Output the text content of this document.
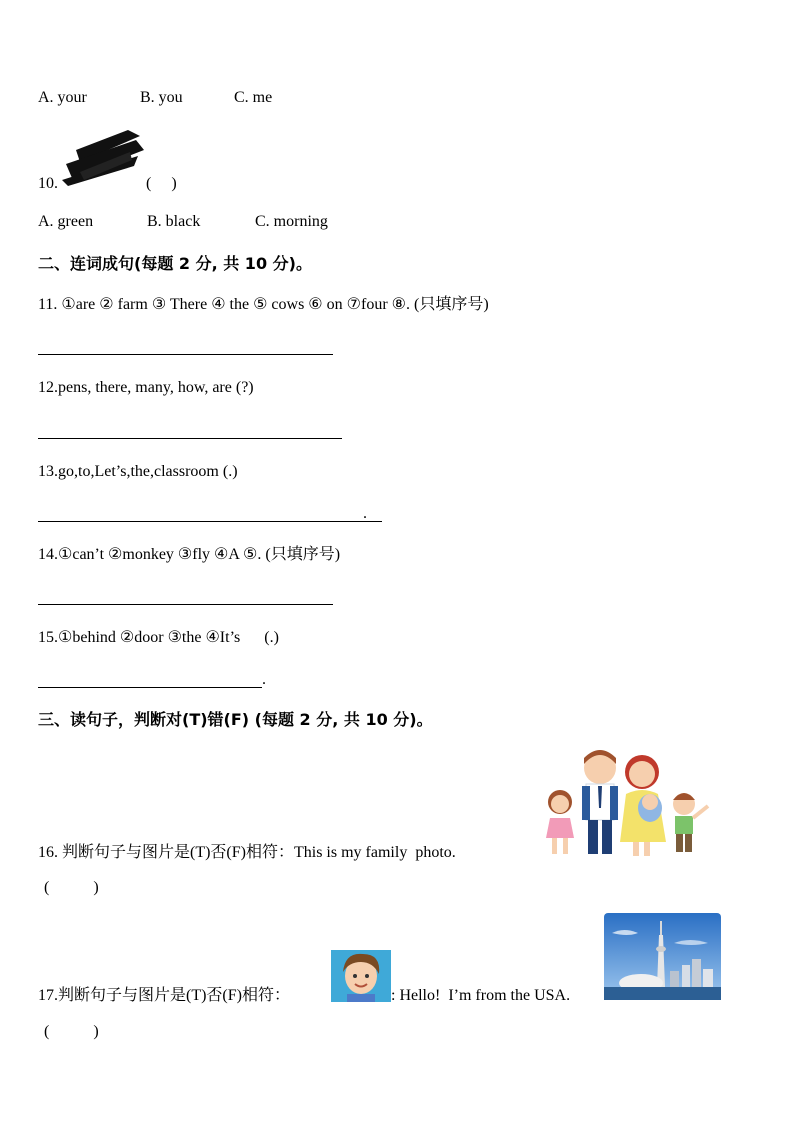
A. your	B. you	C. me
10.	(     )
A. green	B. black	C. morning
二、连词成句(每题 2 分, 共 10 分)。
11. ①are ② farm ③ There ④ the ⑤ cows ⑥ on ⑦four ⑧. (只填序号)
12.pens, there, many, how, are (?)
13.go,to,Let’s,the,classroom (.)
.
14.①can’t ②monkey ③fly ④A ⑤. (只填序号)
15.①behind ②door ③the ④It’s      (.)
.
三、读句子，判断对(T)错(F) (每题 2 分, 共 10 分)。
16. 判断句子与图片是(T)否(F)相符：This is my family  photo.
(           )
17.判断句子与图片是(T)否(F)相符：	: Hello!  I’m from the USA.
(           )
